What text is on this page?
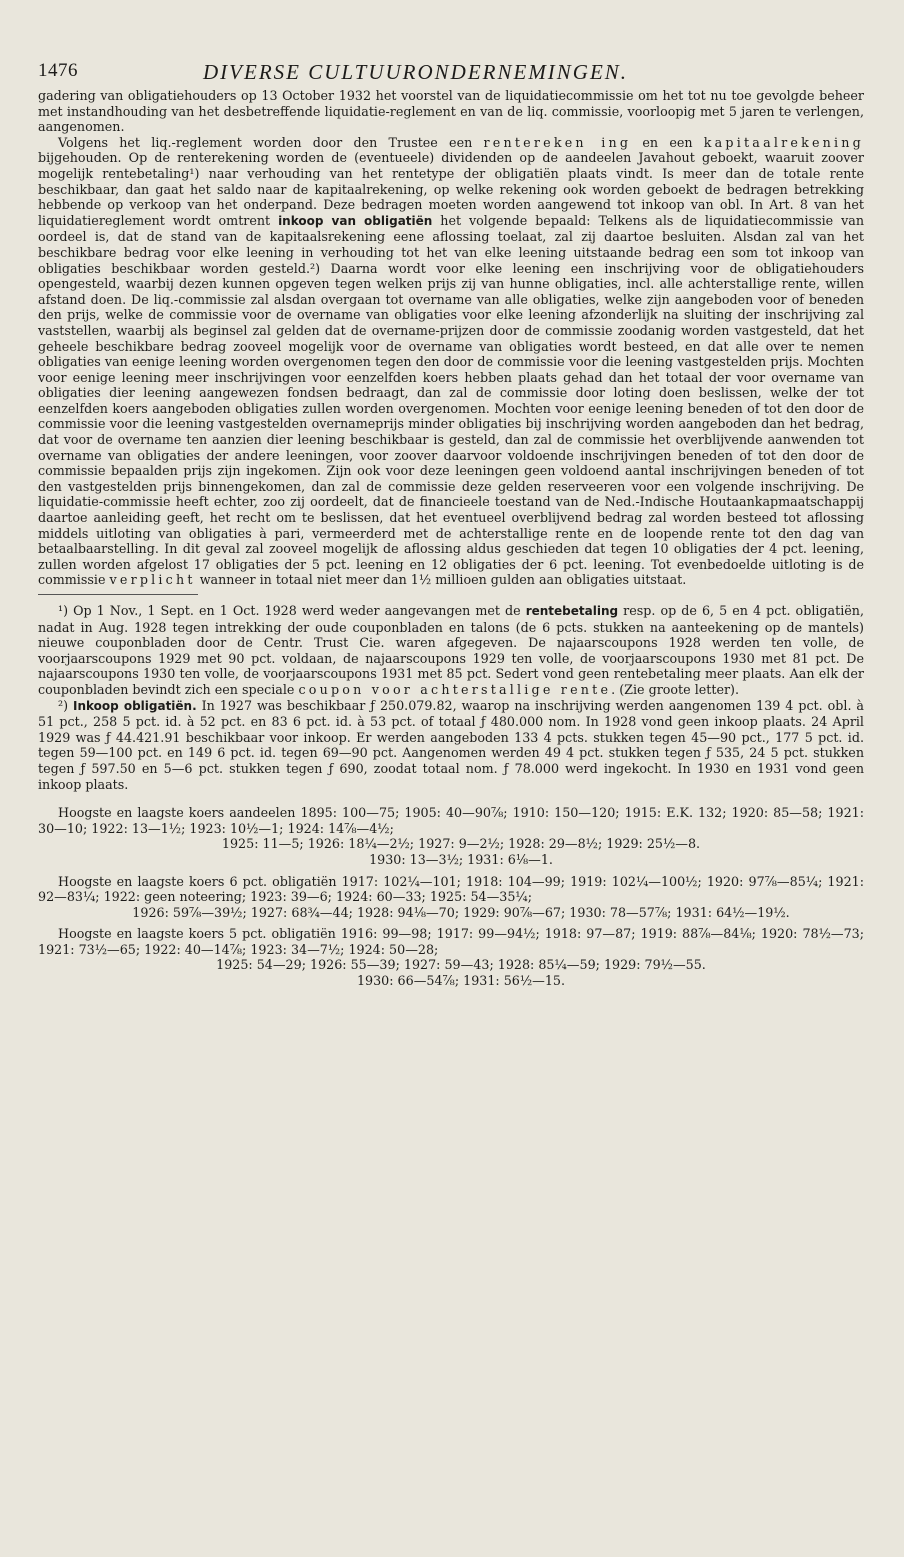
1476	DIVERSE CULTUURONDERNEMINGEN.

gadering van obligatiehouders op 13 October 1932 het voorstel van de liquidatiecommissie om het tot nu toe gevolgde beheer met instandhouding van het desbetreffende liquidatie-reglement en van de liq. commissie, voorloopig met 5 jaren te verlengen, aangenomen.

Volgens het liq.-reglement worden door den Trustee een rentereken ing en een kapitaalrekening bijgehouden. Op de renterekening worden de (eventueele) dividenden op de aandeelen Javahout geboekt, waaruit zoover mogelijk rentebetaling¹) naar verhouding van het rentetype der obligatiën plaats vindt. Is meer dan de totale rente beschikbaar, dan gaat het saldo naar de kapitaalrekening, op welke rekening ook worden geboekt de bedragen betrekking hebbende op verkoop van het onderpand. Deze bedragen moeten worden aangewend tot inkoop van obl. In Art. 8 van het liquidatiereglement wordt omtrent inkoop van obligatiën het volgende bepaald: Telkens als de liquidatiecommissie van oordeel is, dat de stand van de kapitaalsrekening eene aflossing toelaat, zal zij daartoe besluiten. Alsdan zal van het beschikbare bedrag voor elke leening in verhouding tot het van elke leening uitstaande bedrag een som tot inkoop van obligaties beschikbaar worden gesteld.²) Daarna wordt voor elke leening een inschrijving voor de obligatiehouders opengesteld, waarbij dezen kunnen opgeven tegen welken prijs zij van hunne obligaties, incl. alle achterstallige rente, willen afstand doen. De liq.-commissie zal alsdan overgaan tot overname van alle obligaties, welke zijn aangeboden voor of beneden den prijs, welke de commissie voor de overname van obligaties voor elke leening afzonderlijk na sluiting der inschrijving zal vaststellen, waarbij als beginsel zal gelden dat de overname-prijzen door de commissie zoodanig worden vastgesteld, dat het geheele beschikbare bedrag zooveel mogelijk voor de overname van obligaties wordt besteed, en dat alle over te nemen obligaties van eenige leening worden overgenomen tegen den door de commissie voor die leening vastgestelden prijs. Mochten voor eenige leening meer inschrijvingen voor eenzelfden koers hebben plaats gehad dan het totaal der voor overname van obligaties dier leening aangewezen fondsen bedraagt, dan zal de commissie door loting doen beslissen, welke der tot eenzelfden koers aangeboden obligaties zullen worden overgenomen. Mochten voor eenige leening beneden of tot den door de commissie voor die leening vastgestelden overnameprijs minder obligaties bij inschrijving worden aangeboden dan het bedrag, dat voor de overname ten aanzien dier leening beschikbaar is gesteld, dan zal de commissie het overblijvende aanwenden tot overname van obligaties der andere leeningen, voor zoover daarvoor voldoende inschrijvingen beneden of tot den door de commissie bepaalden prijs zijn ingekomen. Zijn ook voor deze leeningen geen voldoend aantal inschrijvingen beneden of tot den vastgestelden prijs binnengekomen, dan zal de commissie deze gelden reserveeren voor een volgende inschrijving. De liquidatie-commissie heeft echter, zoo zij oordeelt, dat de financieele toestand van de Ned.-Indische Houtaankapmaatschappij daartoe aanleiding geeft, het recht om te beslissen, dat het eventueel overblijvend bedrag zal worden besteed tot aflossing middels uitloting van obligaties à pari, vermeerderd met de achterstallige rente en de loopende rente tot den dag van betaalbaarstelling. In dit geval zal zooveel mogelijk de aflossing aldus geschieden dat tegen 10 obligaties der 4 pct. leening, zullen worden afgelost 17 obligaties der 5 pct. leening en 12 obligaties der 6 pct. leening. Tot evenbedoelde uitloting is de commissie verplicht wanneer in totaal niet meer dan 1½ millioen gulden aan obligaties uitstaat.

¹) Op 1 Nov., 1 Sept. en 1 Oct. 1928 werd weder aangevangen met de rentebetaling resp. op de 6, 5 en 4 pct. obligatiën, nadat in Aug. 1928 tegen intrekking der oude couponbladen en talons (de 6 pcts. stukken na aanteekening op de mantels) nieuwe couponbladen door de Centr. Trust Cie. waren afgegeven. De najaarscoupons 1928 werden ten volle, de voorjaarscoupons 1929 met 90 pct. voldaan, de najaarscoupons 1929 ten volle, de voorjaarscoupons 1930 met 81 pct. De najaarscoupons 1930 ten volle, de voorjaarscoupons 1931 met 85 pct. Sedert vond geen rentebetaling meer plaats. Aan elk der couponbladen bevindt zich een speciale coupon voor achterstallige rente. (Zie groote letter).

²) Inkoop obligatiën. In 1927 was beschikbaar ƒ 250.079.82, waarop na inschrijving werden aangenomen 139 4 pct. obl. à 51 pct., 258 5 pct. id. à 52 pct. en 83 6 pct. id. à 53 pct. of totaal ƒ 480.000 nom. In 1928 vond geen inkoop plaats. 24 April 1929 was ƒ 44.421.91 beschikbaar voor inkoop. Er werden aangeboden 133 4 pcts. stukken tegen 45—90 pct., 177 5 pct. id. tegen 59—100 pct. en 149 6 pct. id. tegen 69—90 pct. Aangenomen werden 49 4 pct. stukken tegen ƒ 535, 24 5 pct. stukken tegen ƒ 597.50 en 5—6 pct. stukken tegen ƒ 690, zoodat totaal nom. ƒ 78.000 werd ingekocht. In 1930 en 1931 vond geen inkoop plaats.

Hoogste en laagste koers aandeelen 1895: 100—75; 1905: 40—90⅞; 1910: 150—120; 1915: E.K. 132; 1920: 85—58; 1921: 30—10; 1922: 13—1½; 1923: 10½—1; 1924: 14⅞—4½;
1925: 11—5; 1926: 18¼—2½; 1927: 9—2½; 1928: 29—8½; 1929: 25½—8.
1930: 13—3½; 1931: 6⅛—1.

Hoogste en laagste koers 6 pct. obligatiën 1917: 102¼—101; 1918: 104—99; 1919: 102¼—100½; 1920: 97⅞—85¼; 1921: 92—83¼; 1922: geen noteering; 1923: 39—6; 1924: 60—33; 1925: 54—35¼;
1926: 59⅞—39½; 1927: 68¾—44; 1928: 94⅛—70; 1929: 90⅞—67; 1930: 78—57⅞; 1931: 64½—19½.

Hoogste en laagste koers 5 pct. obligatiën 1916: 99—98; 1917: 99—94½; 1918: 97—87; 1919: 88⅞—84⅛; 1920: 78½—73; 1921: 73½—65; 1922: 40—14⅞; 1923: 34—7½; 1924: 50—28;
1925: 54—29; 1926: 55—39; 1927: 59—43; 1928: 85¼—59; 1929: 79½—55.
1930: 66—54⅞; 1931: 56½—15.
